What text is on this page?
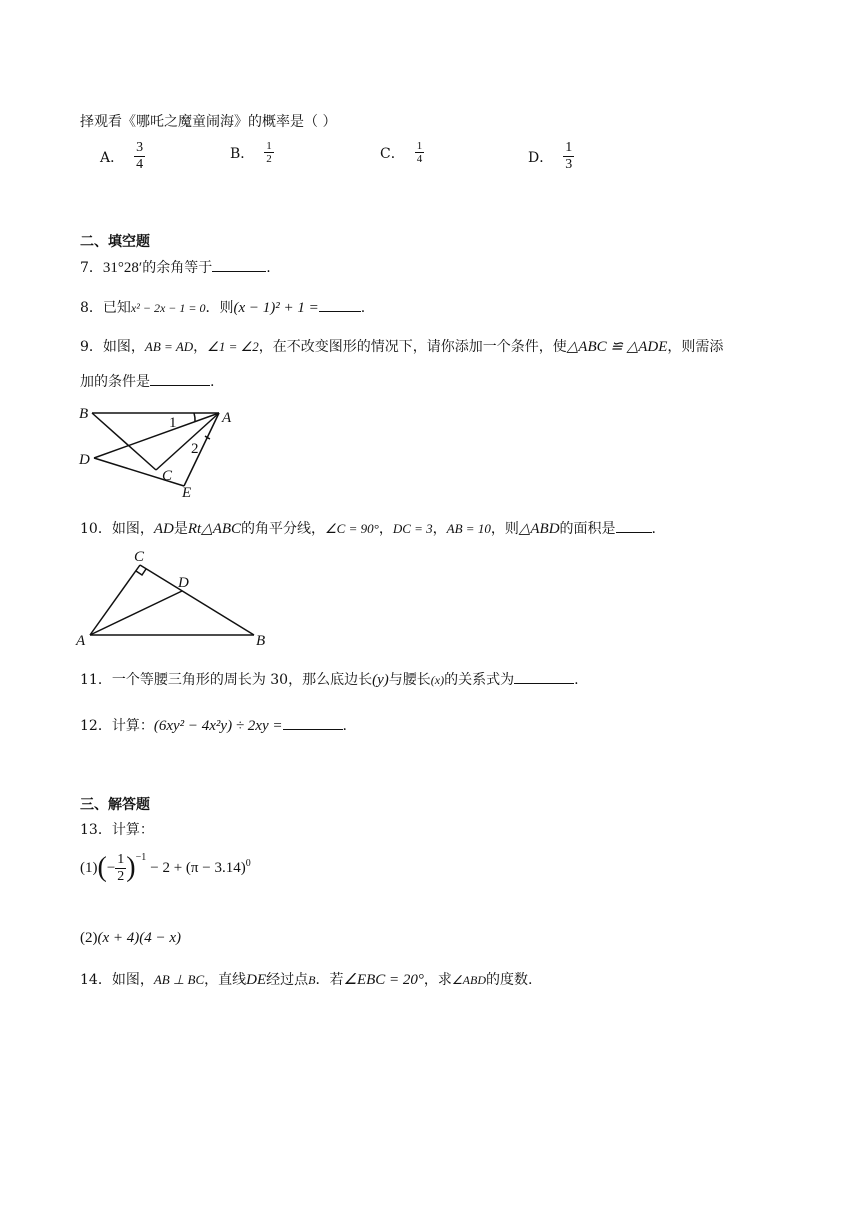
择观看《哪吒之魔童闹海》的概率是（ ）
A． $\frac{3}{4}$	B． $\frac{1}{2}$	C． $\frac{1}{4}$	D． $\frac{1}{3}$
二、填空题
7．31°28′的余角等于	.
8．已知x² − 2x − 1 = 0．则(x − 1)² + 1 =	.
9．如图，AB = AD，∠1 = ∠2，在不改变图形的情况下，请你添加一个条件，使△ABC ≌ △ADE，则需添
加的条件是	.
B	A
D
C
E
1
2
10．如图，AD是Rt△ABC的角平分线，∠C = 90°，DC = 3，AB = 10，则△ABD的面积是	.
C
D
A	B
11．一个等腰三角形的周长为 30，那么底边长(y)与腰长(x)的关系式为	.
12．计算：(6xy² − 4x²y) ÷ 2xy =	.
三、解答题
13．计算：
(1) ( − $\frac{1}{2} )^{-1}$
− $2 + (\pi - 3.14)^0$
(2)(x + 4)(4 − x)
14．如图，AB ⊥ BC，直线DE经过点B．若∠EBC = 20°，求∠ABD的度数.
